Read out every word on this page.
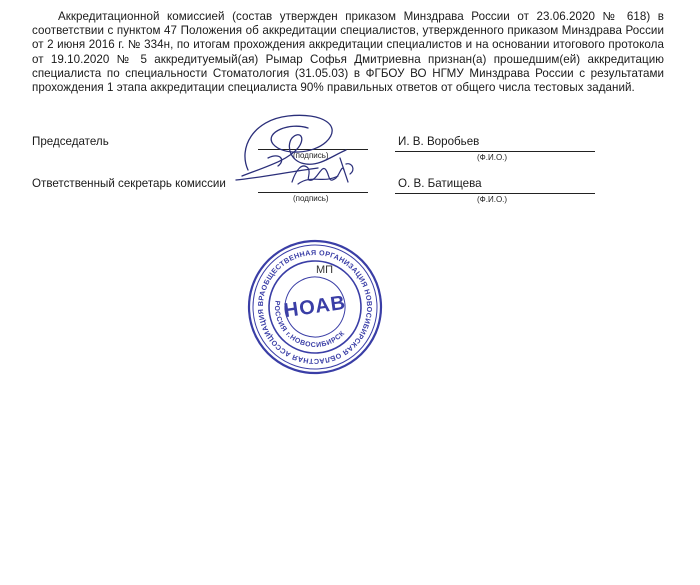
Аккредитационной комиссией (состав утвержден приказом Минздрава России от 23.06.2020 № 618) в соответствии с пунктом 47 Положения об аккредитации специалистов, утвержденного приказом Минздрава России от 2 июня 2016 г. № 334н, по итогам прохождения аккредитации специалистов и на основании итогового протокола от 19.10.2020 № 5 аккредитуемый(ая) Рымар Софья Дмитриевна признан(а) прошедшим(ей) аккредитацию специалиста по специальности Стоматология (31.05.03) в ФГБОУ ВО НГМУ Минздрава России с результатами прохождения 1 этапа аккредитации специалиста 90% правильных ответов от общего числа тестовых заданий.
Председатель
(подпись)
И. В. Воробьев
(Ф.И.О.)
Ответственный секретарь комиссии
(подпись)
О. В. Батищева
(Ф.И.О.)
МП
ОБЩЕСТВЕННАЯ ОРГАНИЗАЦИЯ НОВОСИБИРСКАЯ ОБЛАСТНАЯ АССОЦИАЦИЯ ВРАЧЕЙ
РОССИЯ г.НОВОСИБИРСК
НОАВ
